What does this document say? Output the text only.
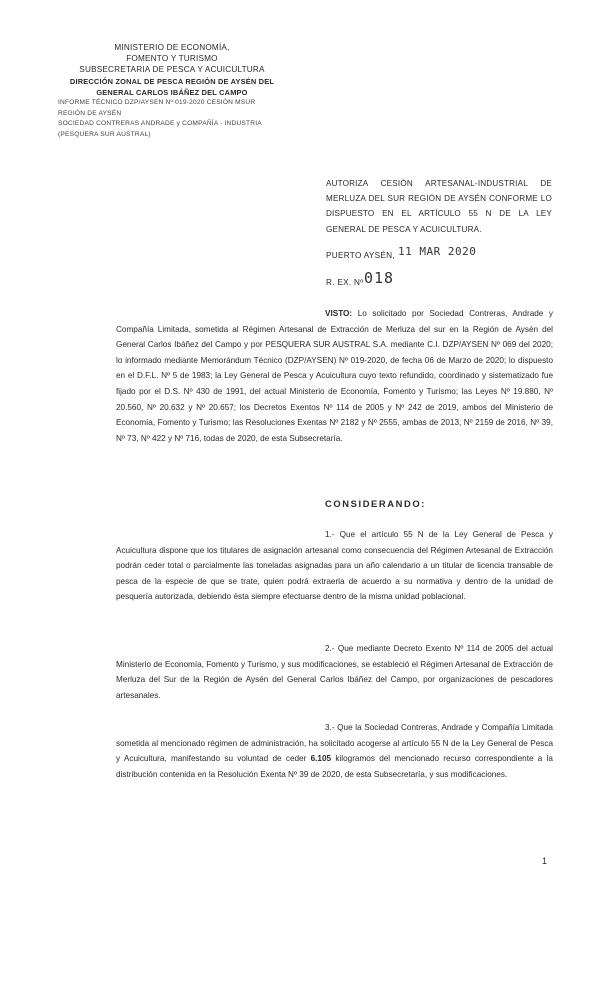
MINISTERIO DE ECONOMÍA,
FOMENTO Y TURISMO
SUBSECRETARIA DE PESCA Y ACUICULTURA
DIRECCIÓN ZONAL DE PESCA REGIÓN DE AYSÉN DEL
GENERAL CARLOS IBÁÑEZ DEL CAMPO
INFORME TÉCNICO DZP/AYSEN Nº 019-2020 CESIÓN MSUR
REGIÓN DE AYSÉN
SOCIEDAD CONTRERAS ANDRADE y COMPAÑÍA - INDUSTRIA
(PESQUERA SUR AUSTRAL)
AUTORIZA CESIÓN ARTESANAL-INDUSTRIAL DE MERLUZA DEL SUR REGIÓN DE AYSÉN CONFORME LO DISPUESTO EN EL ARTÍCULO 55 N DE LA LEY GENERAL DE PESCA Y ACUICULTURA.
PUERTO AYSÉN, 11 MAR 2020
R. EX. Nº 018
VISTO: Lo solicitado por Sociedad Contreras, Andrade y Compañía Limitada, sometida al Régimen Artesanal de Extracción de Merluza del sur en la Región de Aysén del General Carlos Ibáñez del Campo y por PESQUERA SUR AUSTRAL S.A. mediante C.I. DZP/AYSEN Nº 069 del 2020; lo informado mediante Memorándum Técnico (DZP/AYSEN) Nº 019-2020, de fecha 06 de Marzo de 2020; lo dispuesto en el D.F.L. Nº 5 de 1983; la Ley General de Pesca y Acuicultura cuyo texto refundido, coordinado y sistematizado fue fijado por el D.S. Nº 430 de 1991, del actual Ministerio de Economía, Fomento y Turismo; las Leyes Nº 19.880, Nº 20.560, Nº 20.632 y Nº 20.657; los Decretos Exentos Nº 114 de 2005 y Nº 242 de 2019, ambos del Ministerio de Economía, Fomento y Turismo; las Resoluciones Exentas Nº 2182 y Nº 2555, ambas de 2013, Nº 2159 de 2016, Nº 39, Nº 73, Nº 422 y Nº 716, todas de 2020, de esta Subsecretaría.
CONSIDERANDO:
1.- Que el artículo 55 N de la Ley General de Pesca y Acuicultura dispone que los titulares de asignación artesanal como consecuencia del Régimen Artesanal de Extracción podrán ceder total o parcialmente las toneladas asignadas para un año calendario a un titular de licencia transable de pesca de la especie de que se trate, quien podrá extraerla de acuerdo a su normativa y dentro de la unidad de pesquería autorizada, debiendo ésta siempre efectuarse dentro de la misma unidad poblacional.
2.- Que mediante Decreto Exento Nº 114 de 2005 del actual Ministerio de Economía, Fomento y Turismo, y sus modificaciones, se estableció el Régimen Artesanal de Extracción de Merluza del Sur de la Región de Aysén del General Carlos Ibáñez del Campo, por organizaciones de pescadores artesanales.
3.- Que la Sociedad Contreras, Andrade y Compañía Limitada sometida al mencionado régimen de administración, ha solicitado acogerse al artículo 55 N de la Ley General de Pesca y Acuicultura, manifestando su voluntad de ceder 6.105 kilogramos del mencionado recurso correspondiente a la distribución contenida en la Resolución Exenta Nº 39 de 2020, de esta Subsecretaría, y sus modificaciones.
1
